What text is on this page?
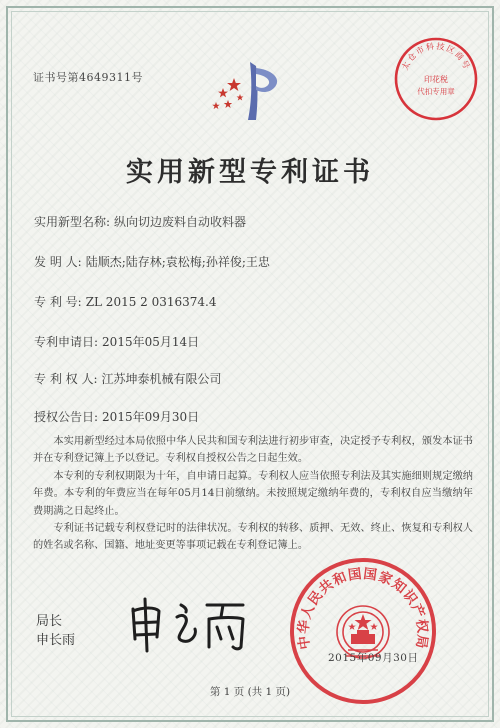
证书号第4649311号
太仓市科技区商号
印花税
代扣专用章
实用新型专利证书
实用新型名称: 纵向切边废料自动收料器
发 明 人: 陆顺杰;陆存林;袁松梅;孙祥俊;王忠
专 利 号: ZL 2015 2 0316374.4
专利申请日: 2015年05月14日
专 利 权 人: 江苏坤泰机械有限公司
授权公告日: 2015年09月30日

本实用新型经过本局依照中华人民共和国专利法进行初步审查，决定授予专利权，颁发本证书并在专利登记簿上予以登记。专利权自授权公告之日起生效。

本专利的专利权期限为十年，自申请日起算。专利权人应当依照专利法及其实施细则规定缴纳年费。本专利的年费应当在每年05月14日前缴纳。未按照规定缴纳年费的，专利权自应当缴纳年费期满之日起终止。

专利证书记载专利权登记时的法律状况。专利权的转移、质押、无效、终止、恢复和专利权人的姓名或名称、国籍、地址变更等事项记载在专利登记簿上。

局长
申长雨	中华人民共和国国家知识产权局
2015年09月30日
第 1 页 (共 1 页)
